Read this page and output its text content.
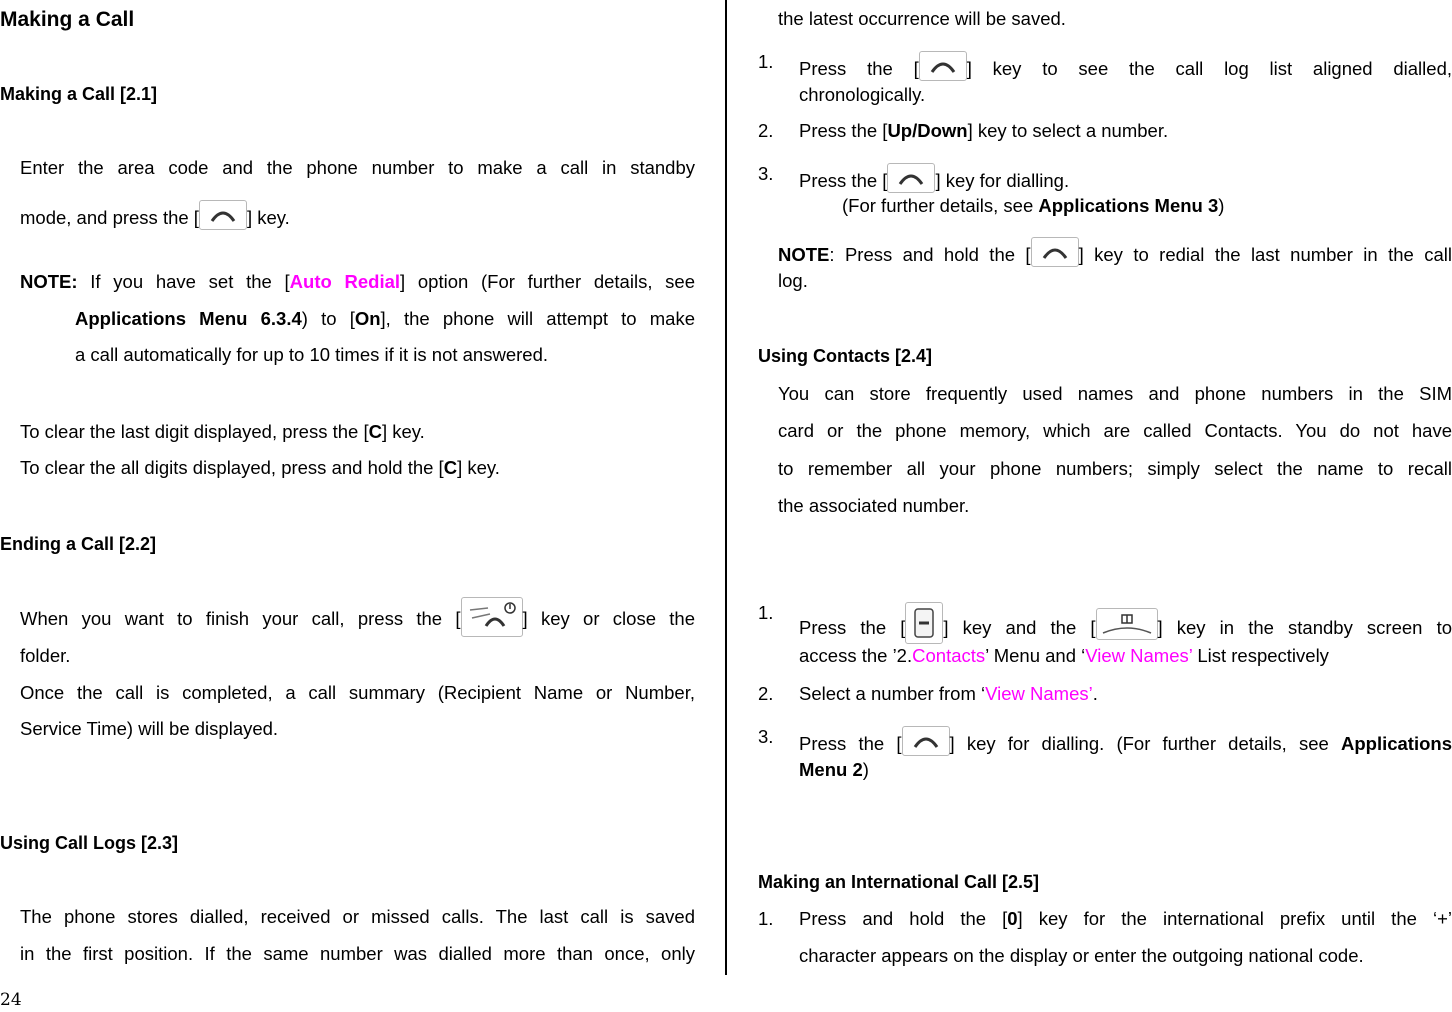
Making a Call
Making a Call [2.1]
Enter the area code and the phone number to make a call in standby
mode, and press the [	] key.
NOTE: If you have set the [Auto Redial] option (For further details, see
Applications Menu 6.3.4) to [On], the phone will attempt to make
a call automatically for up to 10 times if it is not answered.
To clear the last digit displayed, press the [C] key.
To clear the all digits displayed, press and hold the [C] key.
Ending a Call [2.2]
When you want to finish your call, press the [	] key or close the
folder.
Once the call is completed, a call summary (Recipient Name or Number,
Service Time) will be displayed.
Using Call Logs [2.3]
The phone stores dialled, received or missed calls. The last call is saved
in the first position. If the same number was dialled more than once, only
24
the latest occurrence will be saved.
1.	Press the [	] key to see the call log list aligned dialled,
chronologically.
2.	Press the [Up/Down] key to select a number.
3.	Press the [	] key for dialling.
(For further details, see Applications Menu 3)
NOTE: Press and hold the [	] key to redial the last number in the call
log.
Using Contacts [2.4]
You can store frequently used names and phone numbers in the SIM
card or the phone memory, which are called Contacts. You do not have
to remember all your phone numbers; simply select the name to recall
the associated number.
1.
Press the [ ] key and the [	] key in the standby screen to
access the ’2.Contacts’ Menu and ‘View Names’ List respectively
2.	Select a number from ‘View Names’.
3.	Press the [	] key for dialling. (For further details, see Applications
Menu 2)
Making an International Call [2.5]
1.	Press and hold the [0] key for the international prefix until the ‘+’
character appears on the display or enter the outgoing national code.
